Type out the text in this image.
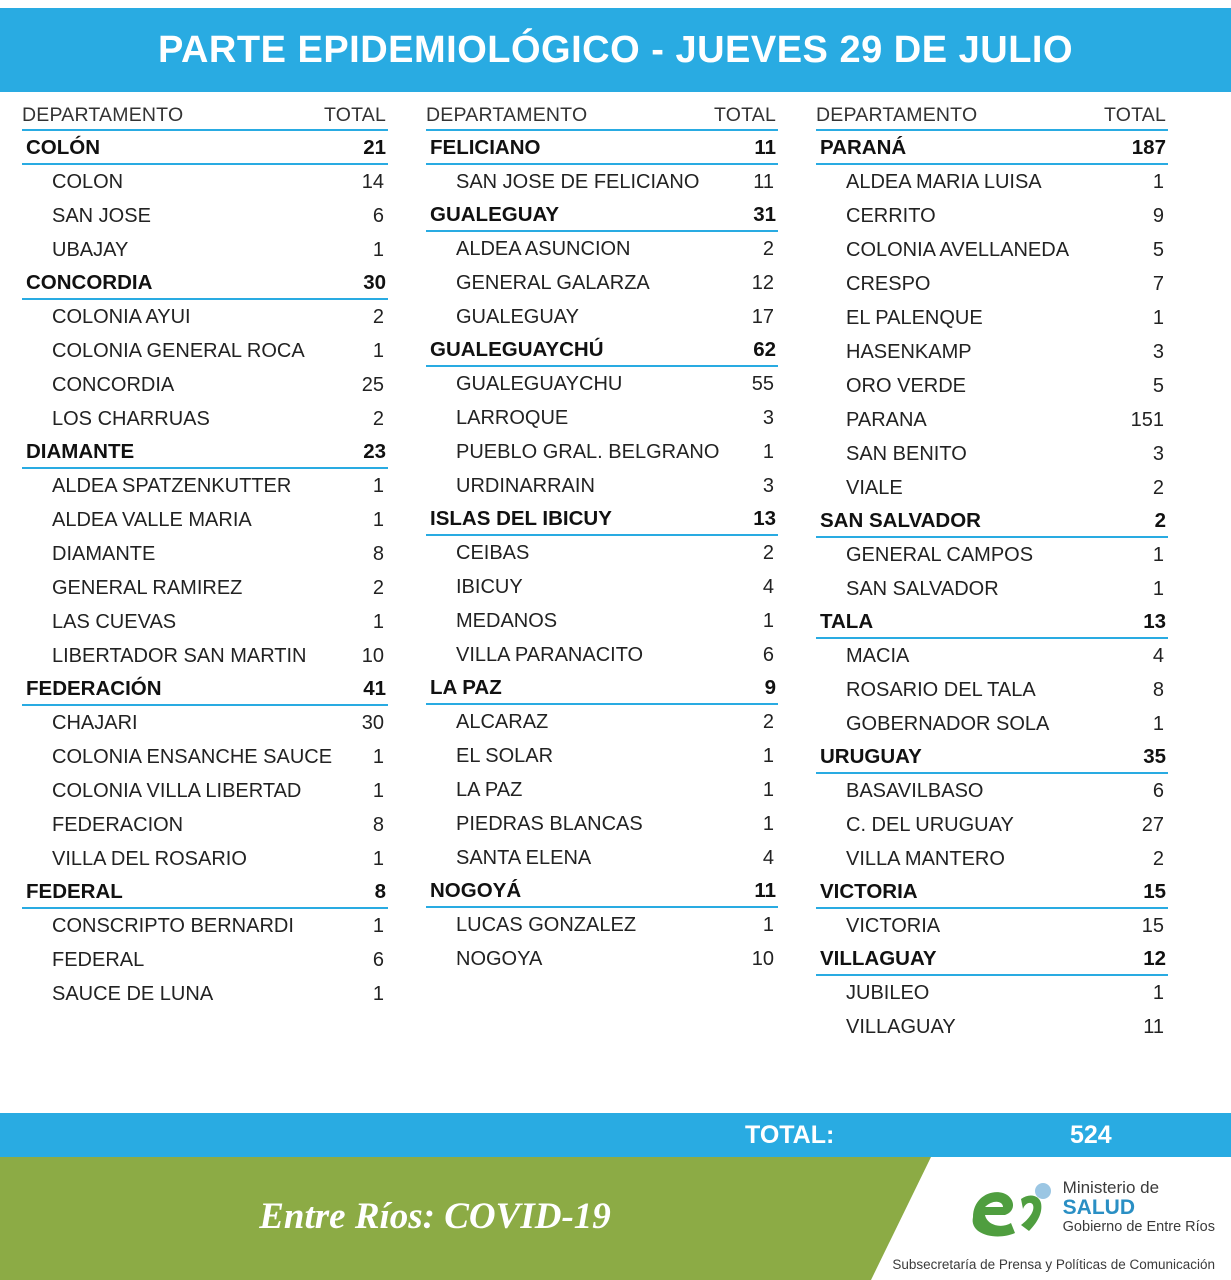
PARTE EPIDEMIOLÓGICO - JUEVES 29 DE JULIO
DEPARTAMENTO	TOTAL
COLÓN	21
COLON	14
SAN JOSE	6
UBAJAY	1
CONCORDIA	30
COLONIA AYUI	2
COLONIA GENERAL ROCA	1
CONCORDIA	25
LOS CHARRUAS	2
DIAMANTE	23
ALDEA SPATZENKUTTER	1
ALDEA VALLE MARIA	1
DIAMANTE	8
GENERAL RAMIREZ	2
LAS CUEVAS	1
LIBERTADOR SAN MARTIN	10
FEDERACIÓN	41
CHAJARI	30
COLONIA ENSANCHE SAUCE 1
COLONIA VILLA LIBERTAD	1
FEDERACION	8
VILLA DEL ROSARIO	1
FEDERAL	8
CONSCRIPTO BERNARDI	1
FEDERAL	6
SAUCE DE LUNA	1
DEPARTAMENTO	TOTAL
FELICIANO	11
SAN JOSE DE FELICIANO	11
GUALEGUAY	31
ALDEA ASUNCION	2
GENERAL GALARZA	12
GUALEGUAY	17
GUALEGUAYCHÚ	62
GUALEGUAYCHU	55
LARROQUE	3
PUEBLO GRAL. BELGRANO 1
URDINARRAIN	3
ISLAS DEL IBICUY	13
CEIBAS	2
IBICUY	4
MEDANOS	1
VILLA PARANACITO	6
LA PAZ	9
ALCARAZ	2
EL SOLAR	1
LA PAZ	1
PIEDRAS BLANCAS	1
SANTA ELENA	4
NOGOYÁ	11
LUCAS GONZALEZ	1
NOGOYA	10
DEPARTAMENTO	TOTAL
PARANÁ	187
ALDEA MARIA LUISA	1
CERRITO	9
COLONIA AVELLANEDA	5
CRESPO	7
EL PALENQUE	1
HASENKAMP	3
ORO VERDE	5
PARANA	151
SAN BENITO	3
VIALE	2
SAN SALVADOR	2
GENERAL CAMPOS	1
SAN SALVADOR	1
TALA	13
MACIA	4
ROSARIO DEL TALA	8
GOBERNADOR SOLA	1
URUGUAY	35
BASAVILBASO	6
C. DEL URUGUAY	27
VILLA MANTERO	2
VICTORIA	15
VICTORIA	15
VILLAGUAY	12
JUBILEO	1
VILLAGUAY	11
TOTAL:	524
Entre Ríos: COVID-19
Ministerio de
SALUD
Gobierno de Entre Ríos
Subsecretaría de Prensa y Políticas de Comunicación
